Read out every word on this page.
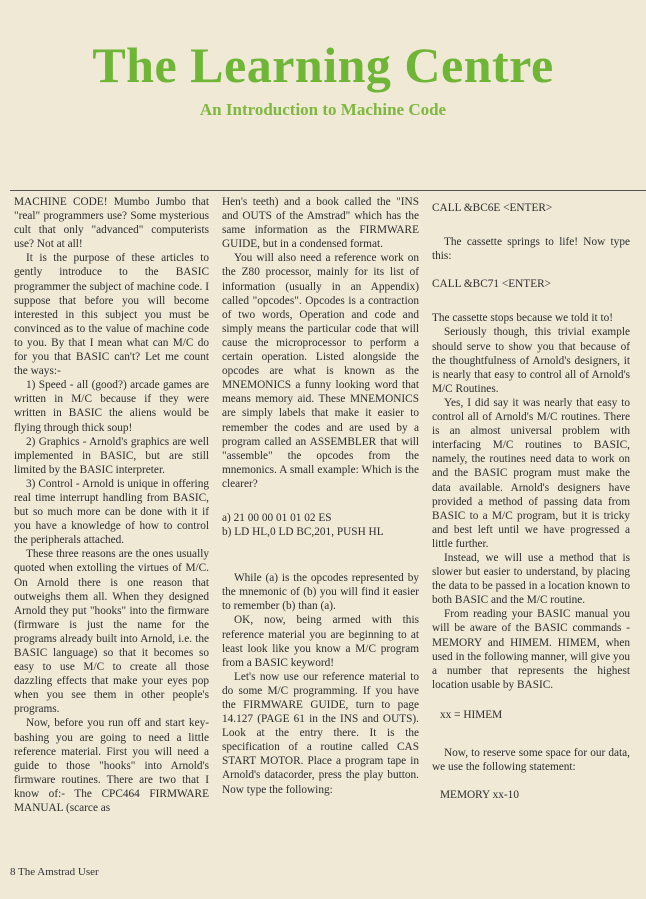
The Learning Centre
An Introduction to Machine Code

MACHINE CODE! Mumbo Jumbo that "real" programmers use? Some mysterious cult that only "advanced" computerists use? Not at all!

It is the purpose of these articles to gently introduce to the BASIC programmer the subject of machine code. I suppose that before you will become interested in this subject you must be convinced as to the value of machine code to you. By that I mean what can M/C do for you that BASIC can't? Let me count the ways:-

1) Speed - all (good?) arcade games are written in M/C because if they were written in BASIC the aliens would be flying through thick soup!

2) Graphics - Arnold's graphics are well implemented in BASIC, but are still limited by the BASIC interpreter.

3) Control - Arnold is unique in offering real time interrupt handling from BASIC, but so much more can be done with it if you have a knowledge of how to control the peripherals attached.

These three reasons are the ones usually quoted when extolling the virtues of M/C. On Arnold there is one reason that outweighs them all. When they designed Arnold they put "hooks" into the firmware (firmware is just the name for the programs already built into Arnold, i.e. the BASIC language) so that it becomes so easy to use M/C to create all those dazzling effects that make your eyes pop when you see them in other people's programs.

Now, before you run off and start key-bashing you are going to need a little reference material. First you will need a guide to those "hooks" into Arnold's firmware routines. There are two that I know of:- The CPC464 FIRMWARE MANUAL (scarce as

Hen's teeth) and a book called the "INS and OUTS of the Amstrad" which has the same information as the FIRMWARE GUIDE, but in a condensed format.

You will also need a reference work on the Z80 processor, mainly for its list of information (usually in an Appendix) called "opcodes". Opcodes is a contraction of two words, Operation and code and simply means the particular code that will cause the microprocessor to perform a certain operation. Listed alongside the opcodes are what is known as the MNEMONICS a funny looking word that means memory aid. These MNEMONICS are simply labels that make it easier to remember the codes and are used by a program called an ASSEMBLER that will "assemble" the opcodes from the mnemonics. A small example: Which is the clearer?

a) 21 00 00 01 01 02 ES
b) LD HL,0 LD BC,201, PUSH HL

While (a) is the opcodes represented by the mnemonic of (b) you will find it easier to remember (b) than (a).

OK, now, being armed with this reference material you are beginning to at least look like you know a M/C program from a BASIC keyword!

Let's now use our reference material to do some M/C programming. If you have the FIRMWARE GUIDE, turn to page 14.127 (PAGE 61 in the INS and OUTS). Look at the entry there. It is the specification of a routine called CAS START MOTOR. Place a program tape in Arnold's datacorder, press the play button. Now type the following:

CALL &BC6E <ENTER>

The cassette springs to life! Now type this:

CALL &BC71 <ENTER>

The cassette stops because we told it to!

Seriously though, this trivial example should serve to show you that because of the thoughtfulness of Arnold's designers, it is nearly that easy to control all of Arnold's M/C Routines.

Yes, I did say it was nearly that easy to control all of Arnold's M/C routines. There is an almost universal problem with interfacing M/C routines to BASIC, namely, the routines need data to work on and the BASIC program must make the data available. Arnold's designers have provided a method of passing data from BASIC to a M/C program, but it is tricky and best left until we have progressed a little further.

Instead, we will use a method that is slower but easier to understand, by placing the data to be passed in a location known to both BASIC and the M/C routine.

From reading your BASIC manual you will be aware of the BASIC commands - MEMORY and HIMEM. HIMEM, when used in the following manner, will give you a number that represents the highest location usable by BASIC.

xx = HIMEM

Now, to reserve some space for our data, we use the following statement:

MEMORY xx-10

8 The Amstrad User
